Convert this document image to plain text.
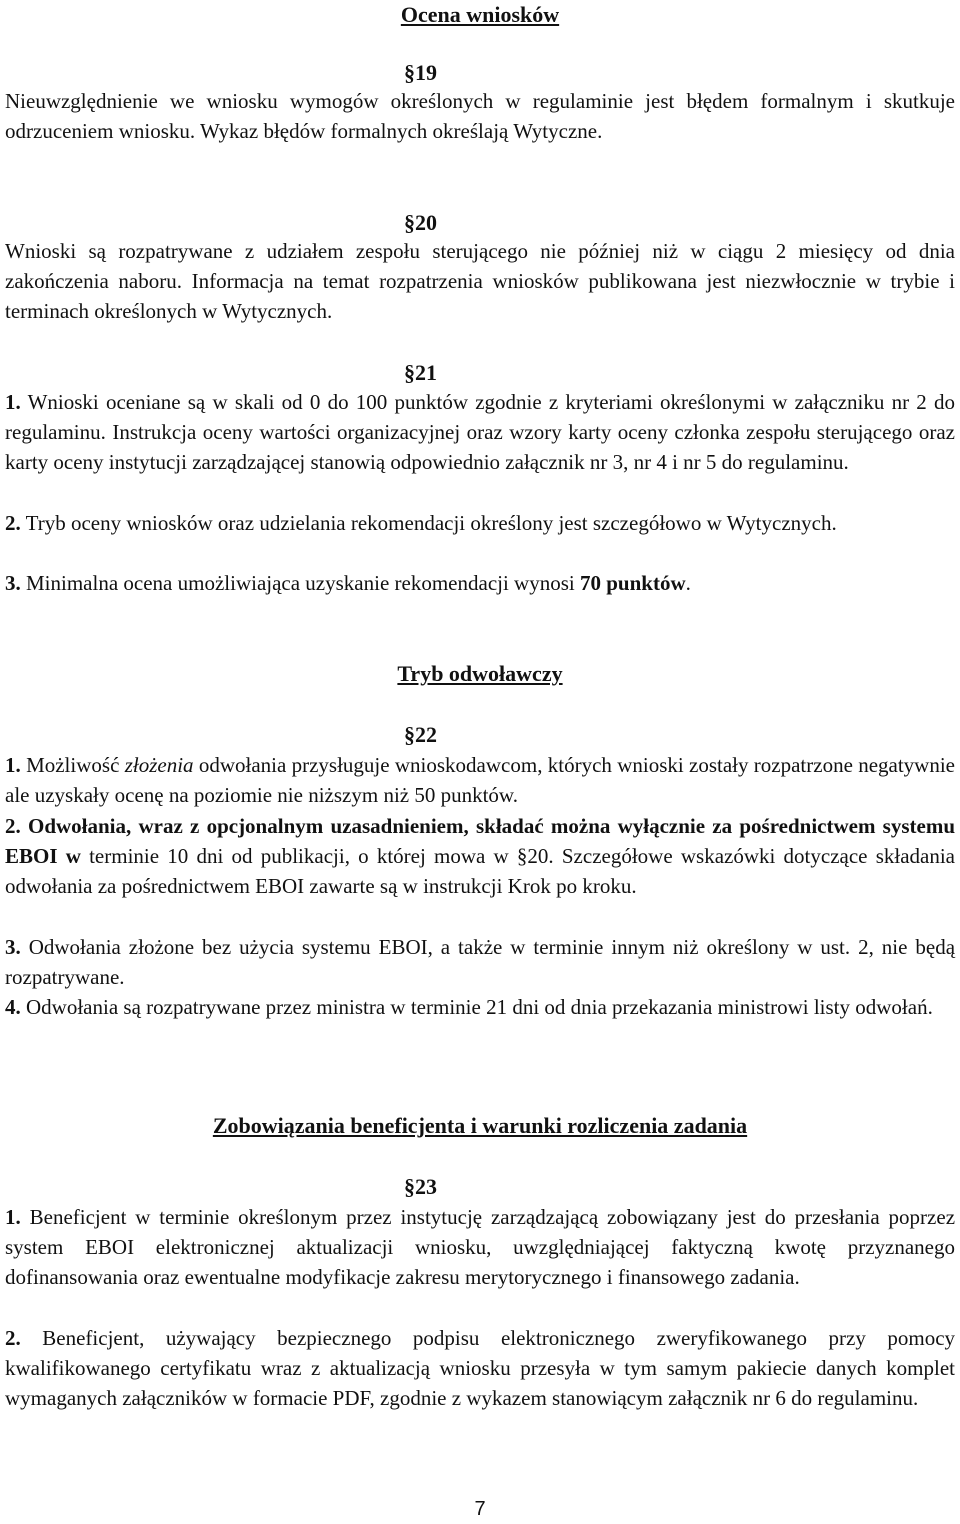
Ocena wniosków
§19

Nieuwzględnienie we wniosku wymogów określonych w regulaminie jest błędem formalnym i skutkuje odrzuceniem wniosku. Wykaz błędów formalnych określają Wytyczne.

§20

Wnioski są rozpatrywane z udziałem zespołu sterującego nie później niż w ciągu 2 miesięcy od dnia zakończenia naboru. Informacja na temat rozpatrzenia wniosków publikowana jest niezwłocznie w trybie i terminach określonych w Wytycznych.

§21

1. Wnioski oceniane są w skali od 0 do 100 punktów zgodnie z kryteriami określonymi w załączniku nr 2 do regulaminu. Instrukcja oceny wartości organizacyjnej oraz wzory karty oceny członka zespołu sterującego oraz karty oceny instytucji zarządzającej stanowią odpowiednio załącznik nr 3, nr 4 i nr 5 do regulaminu.

2. Tryb oceny wniosków oraz udzielania rekomendacji określony jest szczegółowo w Wytycznych.

3. Minimalna ocena umożliwiająca uzyskanie rekomendacji wynosi 70 punktów.

Tryb odwoławczy
§22

1. Możliwość złożenia odwołania przysługuje wnioskodawcom, których wnioski zostały rozpatrzone negatywnie ale uzyskały ocenę na poziomie nie niższym niż 50 punktów.

2. Odwołania, wraz z opcjonalnym uzasadnieniem, składać można wyłącznie za pośrednictwem systemu EBOI w terminie 10 dni od publikacji, o której mowa w §20. Szczegółowe wskazówki dotyczące składania odwołania za pośrednictwem EBOI zawarte są w instrukcji Krok po kroku.

3. Odwołania złożone bez użycia systemu EBOI, a także w terminie innym niż określony w ust. 2, nie będą rozpatrywane.

4. Odwołania są rozpatrywane przez ministra w terminie 21 dni od dnia przekazania ministrowi listy odwołań.

Zobowiązania beneficjenta i warunki rozliczenia zadania
§23

1. Beneficjent w terminie określonym przez instytucję zarządzającą zobowiązany jest do przesłania poprzez system EBOI elektronicznej aktualizacji wniosku, uwzględniającej faktyczną kwotę przyznanego dofinansowania oraz ewentualne modyfikacje zakresu merytorycznego i finansowego zadania.

2. Beneficjent, używający bezpiecznego podpisu elektronicznego zweryfikowanego przy pomocy kwalifikowanego certyfikatu wraz z aktualizacją wniosku przesyła w tym samym pakiecie danych komplet wymaganych załączników w formacie PDF, zgodnie z wykazem stanowiącym załącznik nr 6 do regulaminu.

7
